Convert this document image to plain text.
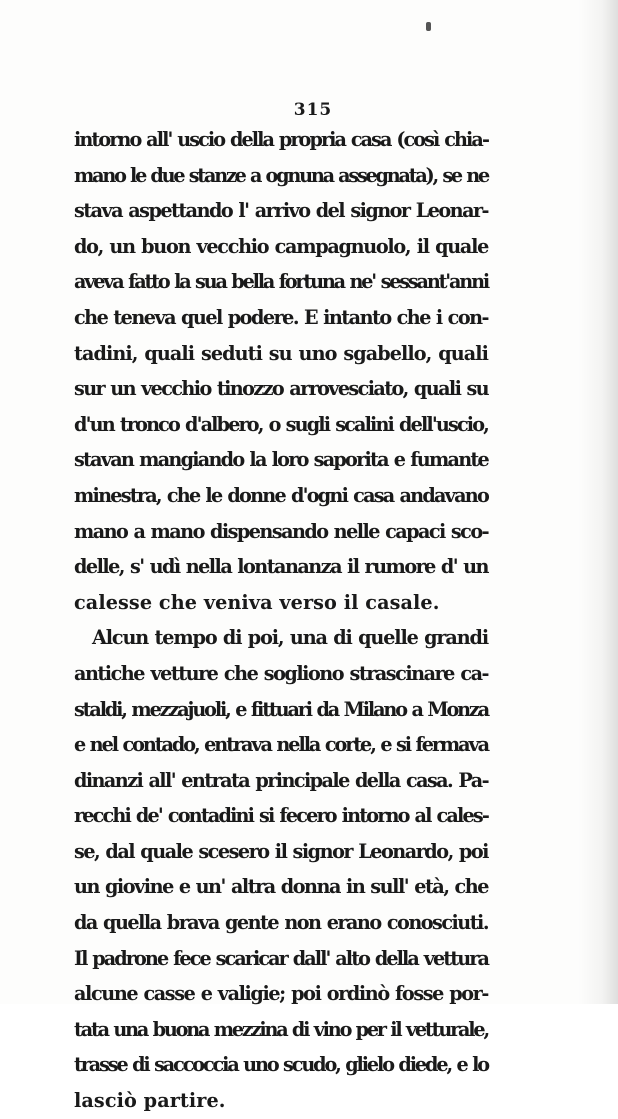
315
intorno all' uscio della propria casa (così chia-
mano le due stanze a ognuna assegnata), se ne
stava aspettando l' arrivo del signor Leonar-
do, un buon vecchio campagnuolo, il quale
aveva fatto la sua bella fortuna ne' sessant'anni
che teneva quel podere. E intanto che i con-
tadini, quali seduti su uno sgabello, quali
sur un vecchio tinozzo arrovesciato, quali su
d'un tronco d'albero, o sugli scalini dell'uscio,
stavan mangiando la loro saporita e fumante
minestra, che le donne d'ogni casa andavano
mano a mano dispensando nelle capaci sco-
delle, s' udì nella lontananza il rumore d' un
calesse che veniva verso il casale.
Alcun tempo di poi, una di quelle grandi
antiche vetture che sogliono strascinare ca-
staldi, mezzajuoli, e fittuari da Milano a Monza
e nel contado, entrava nella corte, e si fermava
dinanzi all' entrata principale della casa. Pa-
recchi de' contadini si fecero intorno al cales-
se, dal quale scesero il signor Leonardo, poi
un giovine e un' altra donna in sull' età, che
da quella brava gente non erano conosciuti.
Il padrone fece scaricar dall' alto della vettura
alcune casse e valigie; poi ordinò fosse por-
tata una buona mezzina di vino per il vetturale,
trasse di saccoccia uno scudo, glielo diede, e lo
lasciò partire.
